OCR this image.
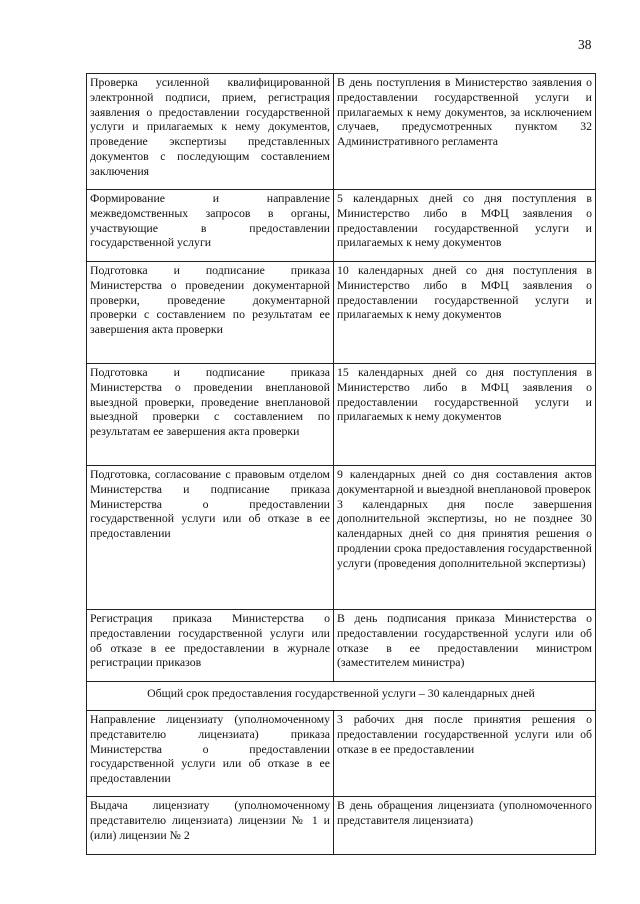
38
Проверка усиленной квалифицированной электронной подписи, прием, регистрация заявления о предоставлении государственной услуги и прилагаемых к нему документов, проведение экспертизы представленных документов с последующим составлением заключения	В день поступления в Министерство заявления о предоставлении государственной услуги и прилагаемых к нему документов, за исключением случаев, предусмотренных пунктом 32 Административного регламента

Формирование и направление межведомственных запросов в органы, участвующие в предоставлении государственной услуги	5 календарных дней со дня поступления в Министерство либо в МФЦ заявления о предоставлении государственной услуги и прилагаемых к нему документов

Подготовка и подписание приказа Министерства о проведении документарной проверки, проведение документарной проверки с составлением по результатам ее завершения акта проверки	10 календарных дней со дня поступления в Министерство либо в МФЦ заявления о предоставлении государственной услуги и прилагаемых к нему документов

Подготовка и подписание приказа Министерства о проведении внеплановой выездной проверки, проведение внеплановой выездной проверки с составлением по результатам ее завершения акта проверки	15 календарных дней со дня поступления в Министерство либо в МФЦ заявления о предоставлении государственной услуги и прилагаемых к нему документов

Подготовка, согласование с правовым отделом Министерства и подписание приказа Министерства о предоставлении государственной услуги или об отказе в ее предоставлении	9 календарных дней со дня составления актов документарной и выездной внеплановой проверок
3 календарных дня после завершения дополнительной экспертизы, но не позднее 30 календарных дней со дня принятия решения о продлении срока предоставления государственной услуги (проведения дополнительной экспертизы)

Регистрация приказа Министерства о предоставлении государственной услуги или об отказе в ее предоставлении в журнале регистрации приказов	В день подписания приказа Министерства о предоставлении государственной услуги или об отказе в ее предоставлении министром (заместителем министра)

Общий срок предоставления государственной услуги – 30 календарных дней	
Направление лицензиату (уполномоченному представителю лицензиата) приказа Министерства о предоставлении государственной услуги или об отказе в ее предоставлении	3 рабочих дня после принятия решения о предоставлении государственной услуги или об отказе в ее предоставлении

Выдача лицензиату (уполномоченному представителю лицензиата) лицензии № 1 и (или) лицензии № 2	В день обращения лицензиата (уполномоченного представителя лицензиата)
